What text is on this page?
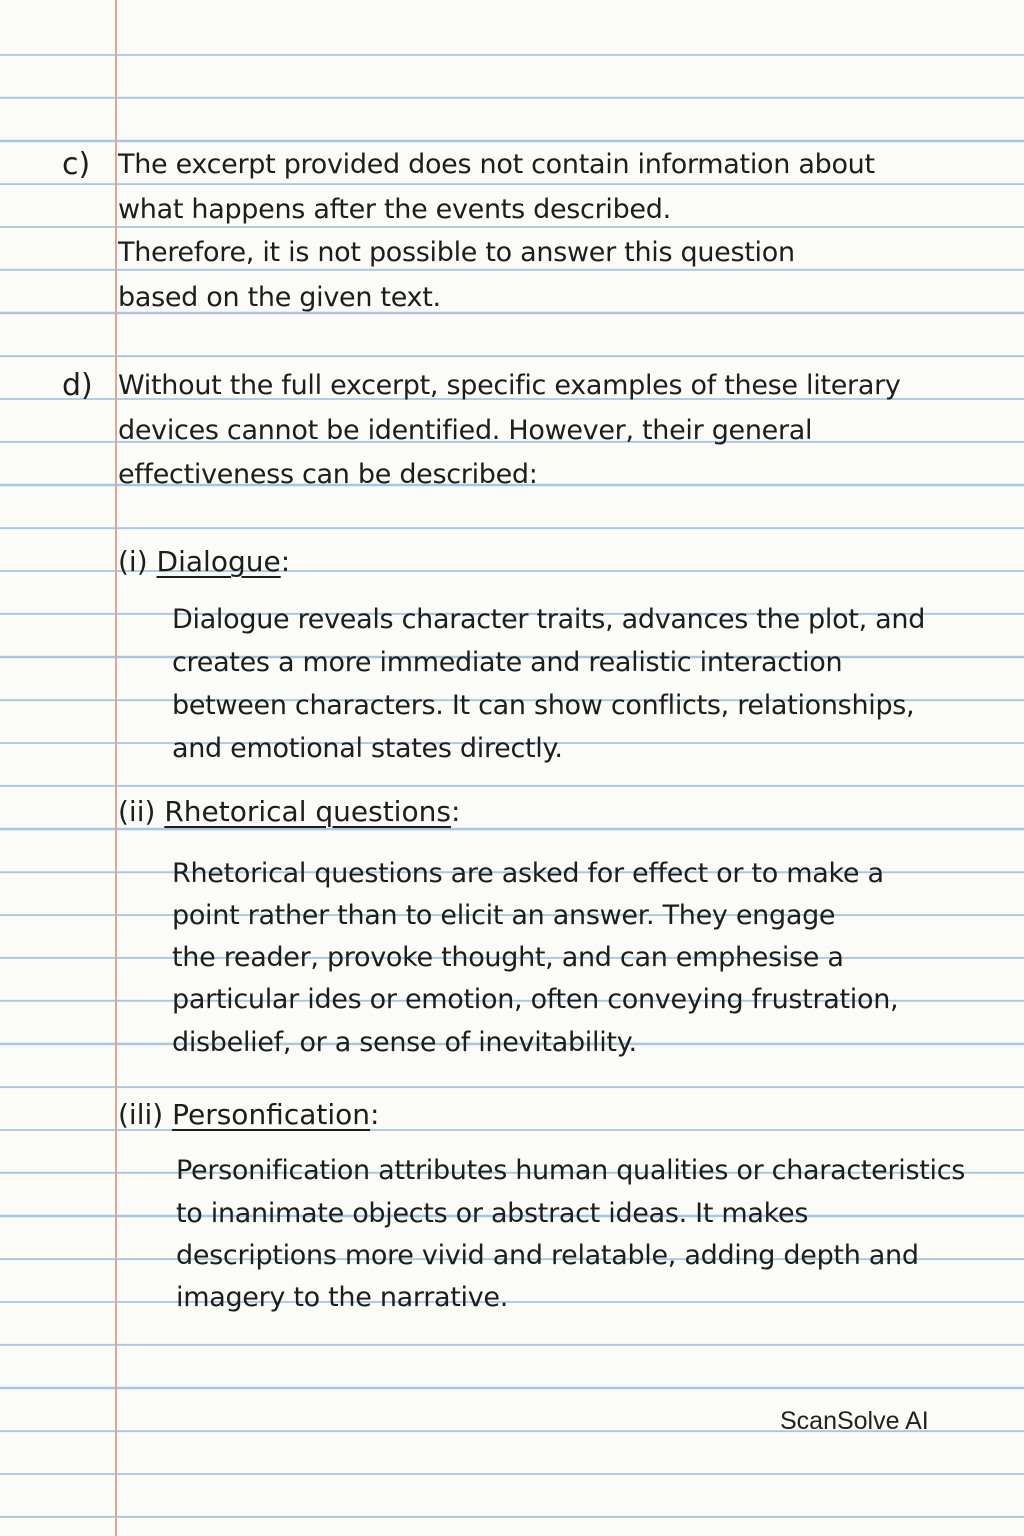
c) The excerpt provided does not contain information about
what happens after the events described.
Therefore, it is not possible to answer this question
based on the given text.
d) Without the full excerpt, specific examples of these literary
devices cannot be identified. However, their general
effectiveness can be described:
(i) Dialogue:
Dialogue reveals character traits, advances the plot, and
creates a more immediate and realistic interaction
between characters. It can show conflicts, relationships,
and emotional states directly.
(ii) Rhetorical questions:
Rhetorical questions are asked for effect or to make a
point rather than to elicit an answer. They engage
the reader, provoke thought, and can emphesise a
particular ides or emotion, often conveying frustration,
disbelief, or a sense of inevitability.
(ili) Personfication:
Personification attributes human qualities or characteristics
to inanimate objects or abstract ideas. It makes
descriptions more vivid and relatable, adding depth and
imagery to the narrative.
ScanSolve AI
